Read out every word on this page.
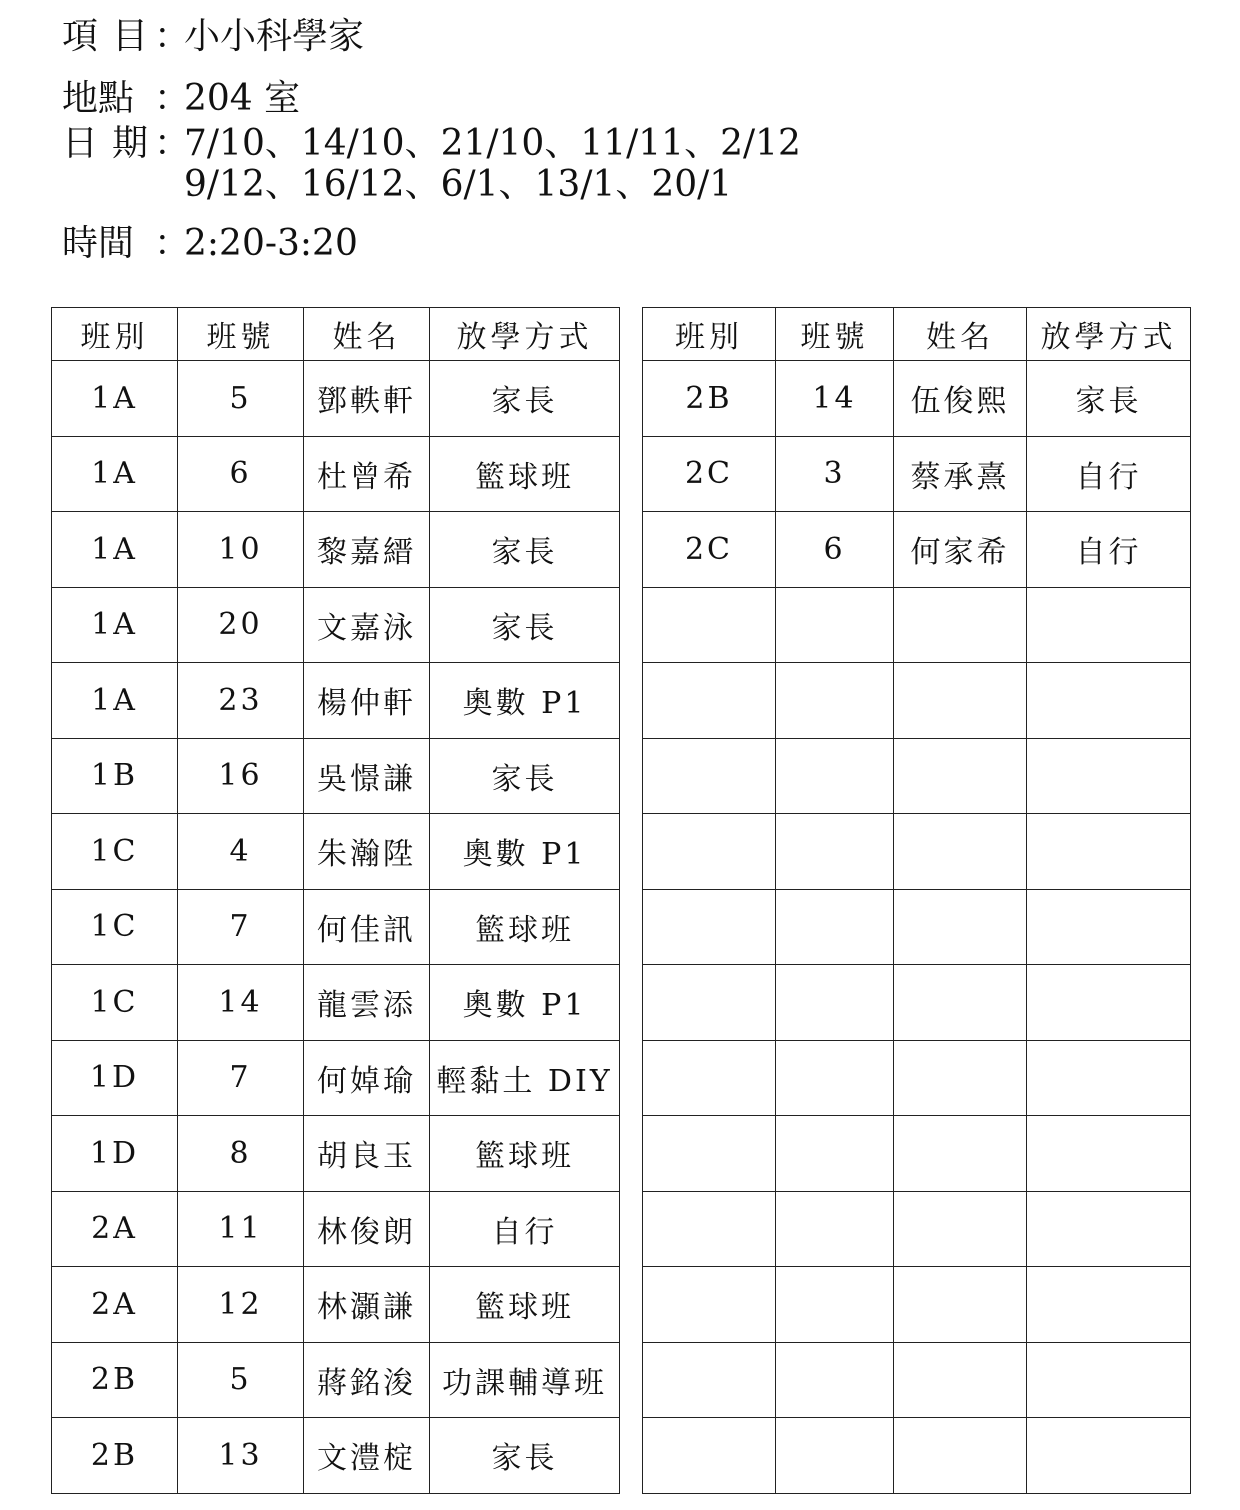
項目
：
小小科學家
地點 ：
204 室
日期
：
7/10、14/10、21/10、11/11、2/12
9/12、16/12、6/1、13/1、20/1
時間 ：
2:20-3:20
班別	班號	姓名	放學方式
1A	5	鄧軼軒	家長
1A	6	杜曾希	籃球班
1A	10	黎嘉縉	家長
1A	20	文嘉泳	家長
1A	23	楊仲軒	奧數 P1
1B	16	吳憬謙	家長
1C	4	朱瀚陞	奧數 P1
1C	7	何佳訊	籃球班
1C	14	龍雲添	奧數 P1
1D	7	何婥瑜	輕黏土 DIY
1D	8	胡良玉	籃球班
2A	11	林俊朗	自行
2A	12	林灝謙	籃球班
2B	5	蔣銘浚	功課輔導班
2B	13	文澧椗	家長
班別	班號	姓名	放學方式
2B	14	伍俊熙	家長
2C	3	蔡承熹	自行
2C	6	何家希	自行
